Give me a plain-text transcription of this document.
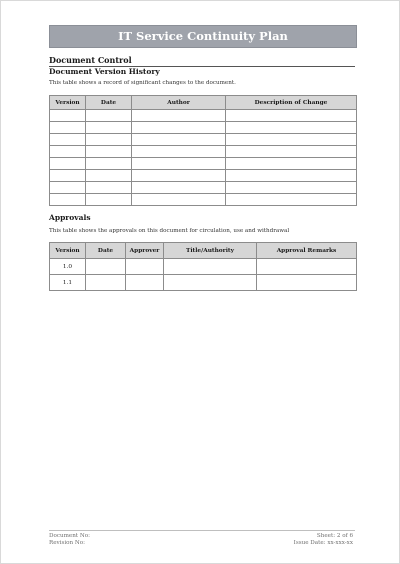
IT Service Continuity Plan
Document Control
Document Version History
This table shows a record of significant changes to the document.
Version	Date	Author	Description of Change

Approvals
This table shows the approvals on this document for circulation, use and withdrawal
Version	Date	Approver	Title/Authority	Approval Remarks
1.0				
1.1				
Document No:
Revision No:
Sheet: 2 of 6
Issue Date: xx-xxx-xx
